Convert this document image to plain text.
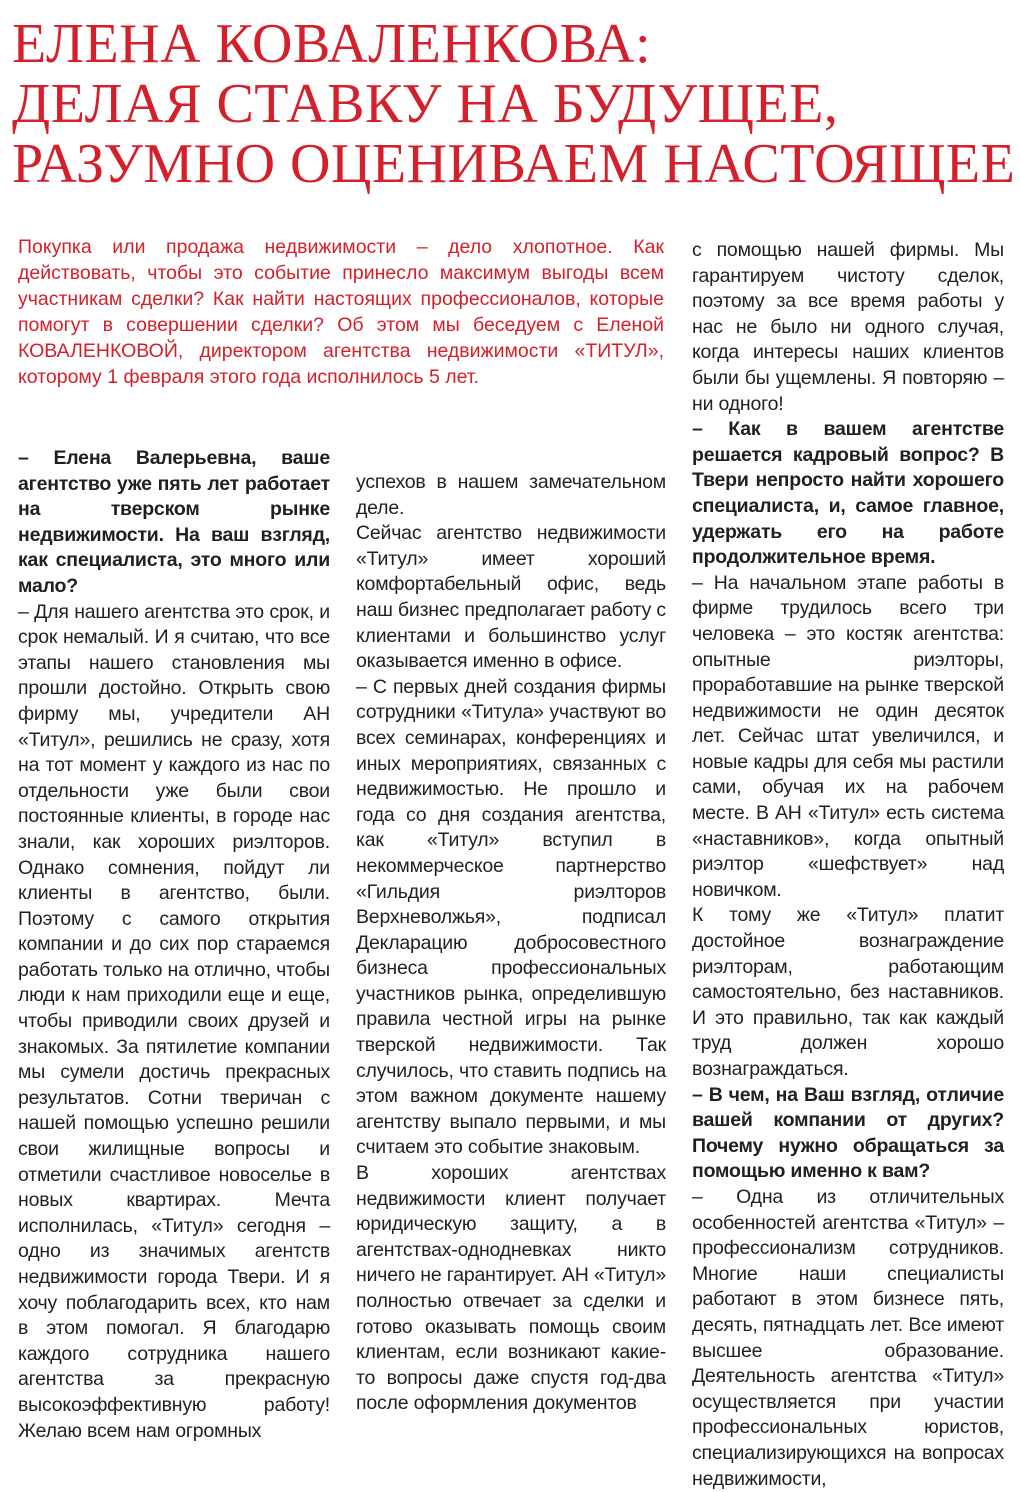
ЕЛЕНА КОВАЛЕНКОВА:
ДЕЛАЯ СТАВКУ НА БУДУЩЕЕ,
РАЗУМНО ОЦЕНИВАЕМ НАСТОЯЩЕЕ
Покупка или продажа недвижимости – дело хлопотное. Как действовать, чтобы это событие принесло максимум выгоды всем участникам сделки? Как найти настоящих профессионалов, которые помогут в совершении сделки? Об этом мы беседуем с Еленой КОВАЛЕНКОВОЙ, директором агентства недвижимости «ТИТУЛ», которому 1 февраля этого года исполнилось 5 лет.

– Елена Валерьевна, ваше агентство уже пять лет работает на тверском рынке недвижимости. На ваш взгляд, как специалиста, это много или мало?

– Для нашего агентства это срок, и срок немалый. И я считаю, что все этапы нашего становления мы прошли достойно. Открыть свою фирму мы, учредители АН «Титул», решились не сразу, хотя на тот момент у каждого из нас по отдельности уже были свои постоянные клиенты, в городе нас знали, как хороших риэлторов. Однако сомнения, пойдут ли клиенты в агентство, были. Поэтому с самого открытия компании и до сих пор стараемся работать только на отлично, чтобы люди к нам приходили еще и еще, чтобы приводили своих друзей и знакомых. За пятилетие компании мы сумели достичь прекрасных результатов. Сотни тверичан с нашей помощью успешно решили свои жилищные вопросы и отметили счастливое новоселье в новых квартирах. Мечта исполнилась, «Титул» сегодня – одно из значимых агентств недвижимости города Твери. И я хочу поблагодарить всех, кто нам в этом помогал. Я благодарю каждого сотрудника нашего агентства за прекрасную высокоэффективную работу! Желаю всем нам огромных

успехов в нашем замечательном деле.

Сейчас агентство недвижимости «Титул» имеет хороший комфортабельный офис, ведь наш бизнес предполагает работу с клиентами и большинство услуг оказывается именно в офисе.

– С первых дней создания фирмы сотрудники «Титула» участвуют во всех семинарах, конференциях и иных мероприятиях, связанных с недвижимостью. Не прошло и года со дня создания агентства, как «Титул» вступил в некоммерческое партнерство «Гильдия риэлторов Верхневолжья», подписал Декларацию добросовестного бизнеса профессиональных участников рынка, определившую правила честной игры на рынке тверской недвижимости. Так случилось, что ставить подпись на этом важном документе нашему агентству выпало первыми, и мы считаем это событие знаковым.

В хороших агентствах недвижимости клиент получает юридическую защиту, а в агентствах-однодневках никто ничего не гарантирует. АН «Титул» полностью отвечает за сделки и готово оказывать помощь своим клиентам, если возникают какие-то вопросы даже спустя год-два после оформления документов

с помощью нашей фирмы. Мы гарантируем чистоту сделок, поэтому за все время работы у нас не было ни одного случая, когда интересы наших клиентов были бы ущемлены. Я повторяю – ни одного!

– Как в вашем агентстве решается кадровый вопрос? В Твери непросто найти хорошего специалиста, и, самое главное, удержать его на работе продолжительное время.

– На начальном этапе работы в фирме трудилось всего три человека – это костяк агентства: опытные риэлторы, проработавшие на рынке тверской недвижимости не один десяток лет. Сейчас штат увеличился, и новые кадры для себя мы растили сами, обучая их на рабочем месте. В АН «Титул» есть система «наставников», когда опытный риэлтор «шефствует» над новичком.

К тому же «Титул» платит достойное вознаграждение риэлторам, работающим самостоятельно, без наставников. И это правильно, так как каждый труд должен хорошо вознаграждаться.

– В чем, на Ваш взгляд, отличие вашей компании от других? Почему нужно обращаться за помощью именно к вам?

– Одна из отличительных особенностей агентства «Титул» – профессионализм сотрудников. Многие наши специалисты работают в этом бизнесе пять, десять, пятнадцать лет. Все имеют высшее образование. Деятельность агентства «Титул» осуществляется при участии профессиональных юристов, специализирующихся на вопросах недвижимости,
